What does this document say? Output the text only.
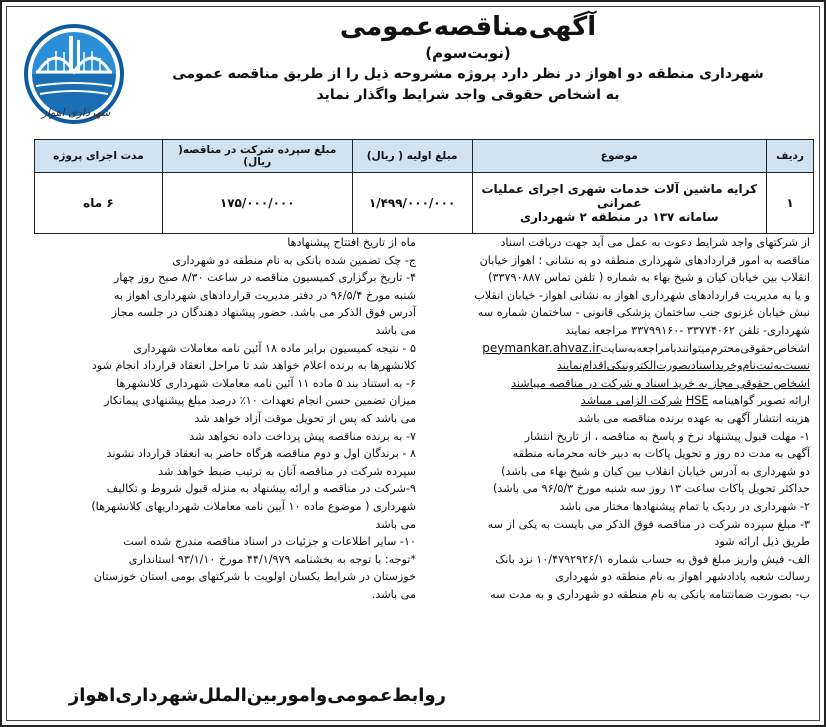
شهرداری اهواز
آگهی‌مناقصه‌عمومی
(نوبت‌سوم)
شهرداری منطقه دو اهواز در نظر دارد پروژه مشروحه ذیل را از طریق مناقصه عمومی
به اشخاص حقوقی واجد شرایط واگذار نماید
ردیف	موضوع	مبلغ اولیه ( ریال)	مبلغ سپرده شرکت در مناقصه( ریال)	مدت اجرای پروژه
۱	کرایه ماشین آلات خدمات شهری اجرای عملیات عمرانی
سامانه ۱۳۷ در منطقه ۲ شهرداری	۱/۴۹۹/۰۰۰/۰۰۰	۱۷۵/۰۰۰/۰۰۰	۶ ماه

از شرکتهای واجد شرایط دعوت به عمل می آید جهت دریافت اسناد

مناقصه به امور قراردادهای شهرداری منطقه دو به نشانی ؛ اهواز خیابان

انقلاب بین خیابان کیان و شیخ بهاء به شماره ( تلفن تماس ۳۳۷۹۰۸۸۷)

و یا به مدیریت قراردادهای شهرداری اهواز به نشانی اهواز- خیابان انقلاب

نبش خیابان غزنوی جنب ساختمان پزشکی قانونی - ساختمان شماره سه

شهرداری- تلفن ۳۳۷۷۴۰۶۲ -۳۳۷۹۹۱۶۰ مراجعه نمایند

اشخاص‌حقوقی‌محترم‌میتوانند‌با‌مراجعه‌به‌سایتpeymankar.ahvaz.ir

نسبت‌به‌ثبت‌نام‌وخرید‌اسناد‌بصورت‌الکترونیکی‌اقدام‌نمایند

اشخاص حقوقی مجاز به خرید اسناد و شرکت در مناقصه میباشند

ارائه تصویر گواهینامه HSE شرکت الزامی میباشد

هزینه انتشار آگهی به عهده برنده مناقصه می باشد

۱- مهلت قبول پیشنهاد نرخ و پاسخ به مناقصه ، از تاریخ انتشار

آگهی به مدت ده روز و تحویل پاکات به دبیر خانه محرمانه منطقه

دو شهرداری به آدرس خیابان انقلاب بین کیان و شیخ بهاء می باشد)

حداکثر تحویل پاکات ساعت ۱۳ روز سه شنبه مورخ ۹۶/۵/۳ می باشد)

۲- شهرداری در ردیک یا تمام پیشنهادها مختار می باشد

۳- مبلغ سپرده شرکت در مناقصه فوق الذکر می بایست به یکی از سه

طریق ذیل ارائه شود

الف- فیش واریز مبلغ فوق به حساب شماره ۱۰/۴۷۹۲۹۲۶/۱ نزد بانک

رسالت شعبه پادادشهر اهواز به نام منطقه دو شهرداری

ب- بصورت ضمانتنامه بانکی به نام منطقه دو شهرداری و به مدت سه

ماه از تاریخ افتتاح پیشنهادها

ج- چک تضمین شده بانکی به نام منطقه دو شهرداری

۴- تاریخ برگزاری کمیسیون مناقصه در ساعت ۸/۳۰ صبح روز چهار

شنبه مورخ ۹۶/۵/۴ در دفتر مدیریت قراردادهای شهرداری اهواز به

آدرس فوق الذکر می باشد. حضور پیشنهاد دهندگان در جلسه مجاز

می باشد

۵ - نتیجه کمیسیون برابر ماده ۱۸ آئین نامه معاملات شهرداری

کلانشهرها به برنده اعلام خواهد شد تا مراحل انعقاد قرارداد انجام شود

۶- به استناد بند ۵ ماده ۱۱ آئین نامه معاملات شهرداری کلانشهرها

میزان تضمین حسن انجام تعهدات ۱۰٪ درصد مبلغ پیشنهادی پیمانکار

می باشد که پس از تحویل موقت آزاد خواهد شد

۷- به برنده مناقصه پیش پرداخت داده نخواهد شد

۸ - برندگان اول و دوم مناقصه هرگاه حاضر به انعقاد قرارداد نشوند

سپرده شرکت در مناقصه آنان به ترتیب ضبط خواهد شد

۹-شرکت در مناقصه و ارائه پیشنهاد به منزله قبول شروط و تکالیف

شهرداری ( موضوع ماده ۱۰ آیین نامه معاملات شهرداریهای کلانشهرها)

می باشد

۱۰- سایر اطلاعات و جزئیات در اسناد مناقصه مندرج شده است

*توجه: با توجه به بخشنامه ۴۴/۱/۹۷۹ مورخ ۹۳/۱/۱۰ استانداری

خوزستان در شرایط یکسان اولویت با شرکتهای بومی استان خوزستان

می باشد.

روابط‌عمومی‌و‌امور‌بین‌الملل‌شهرداری‌اهواز
